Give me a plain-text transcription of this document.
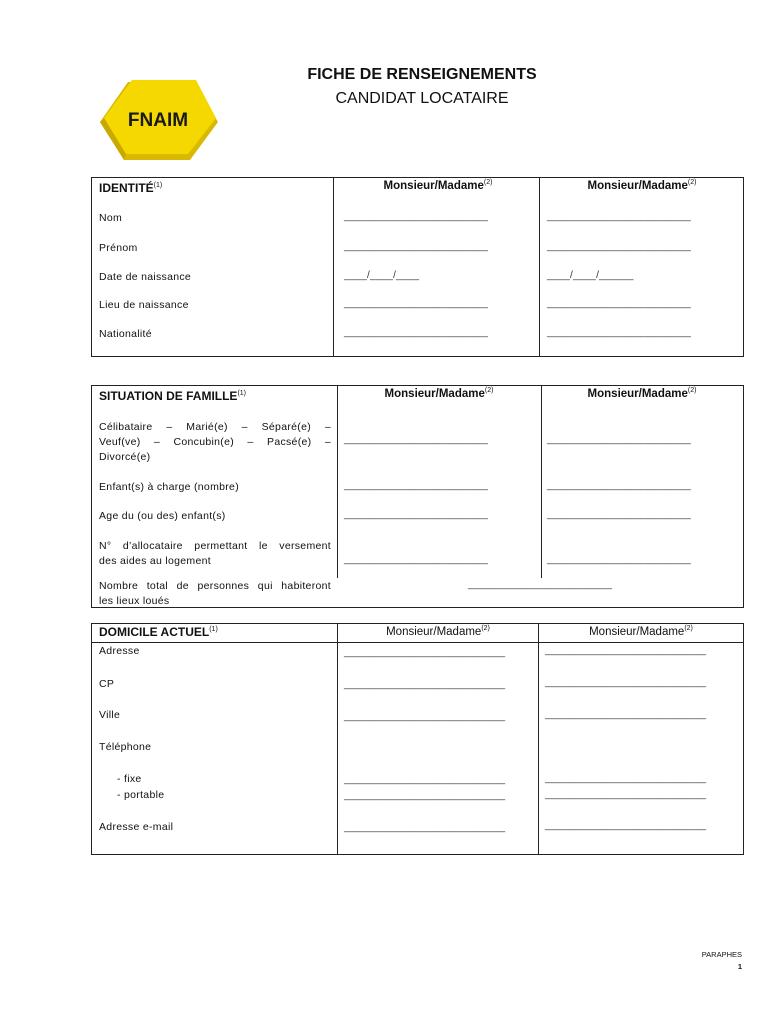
FNAIM
FICHE DE RENSEIGNEMENTS
CANDIDAT LOCATAIRE
IDENTITÉ$^{(1)}$	Monsieur/Madame$^{(2)}$	Monsieur/Madame$^{(2)}$
Nom	_________________________	_________________________
Prénom	_________________________	_________________________
Date de naissance	____/____/____	____/____/______
Lieu de naissance	_________________________	_________________________
Nationalité	_________________________	_________________________
SITUATION DE FAMILLE$^{(1)}$	Monsieur/Madame$^{(2)}$	Monsieur/Madame$^{(2)}$
Célibataire – Marié(e) – Séparé(e) –
Veuf(ve) – Concubin(e) – Pacsé(e) –
Divorcé(e)
_________________________	_________________________
Enfant(s) à charge (nombre)	_________________________	_________________________
Age du (ou des) enfant(s)	_________________________	_________________________
N° d’allocataire permettant le versement
des aides au logement	_________________________	_________________________
Nombre total de personnes qui habiteront
les lieux loués
_________________________
DOMICILE ACTUEL$^{(1)}$	Monsieur/Madame$^{(2)}$	Monsieur/Madame$^{(2)}$
Adresse	____________________________	____________________________
CP	____________________________	____________________________
Ville	____________________________	____________________________
Téléphone
- fixe	____________________________	____________________________
- portable	____________________________	____________________________
Adresse e-mail	____________________________	____________________________
PARAPHES
1
